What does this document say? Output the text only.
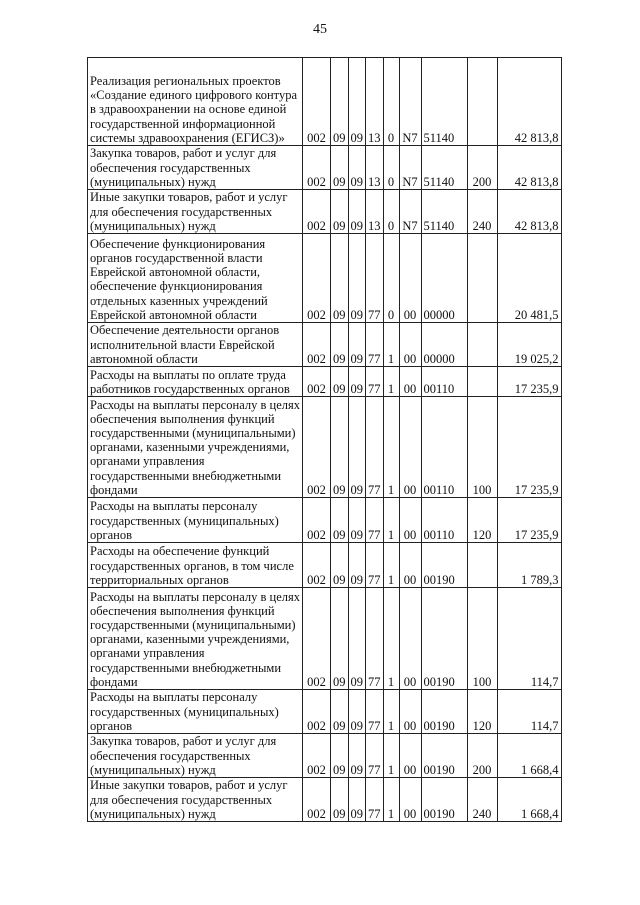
45
Реализация региональных проектов «Создание единого цифрового контура в здравоохранении на основе единой государственной информационной системы здравоохранения (ЕГИСЗ)»	002	09	09	13	0	N7	51140		42 813,8
Закупка товаров, работ и услуг для обеспечения государственных (муниципальных) нужд	002	09	09	13	0	N7	51140	200	42 813,8
Иные закупки товаров, работ и услуг для обеспечения государственных (муниципальных) нужд	002	09	09	13	0	N7	51140	240	42 813,8
Обеспечение функционирования органов государственной власти Еврейской автономной области, обеспечение функционирования отдельных казенных учреждений Еврейской автономной области	002	09	09	77	0	00	00000		20 481,5
Обеспечение деятельности органов исполнительной власти Еврейской автономной области	002	09	09	77	1	00	00000		19 025,2
Расходы на выплаты по оплате труда работников государственных органов	002	09	09	77	1	00	00110		17 235,9
Расходы на выплаты персоналу в целях обеспечения выполнения функций государственными (муниципальными) органами, казенными учреждениями, органами управления государственными внебюджетными фондами	002	09	09	77	1	00	00110	100	17 235,9
Расходы на выплаты персоналу государственных (муниципальных) органов	002	09	09	77	1	00	00110	120	17 235,9
Расходы на обеспечение функций государственных органов, в том числе территориальных органов	002	09	09	77	1	00	00190		1 789,3
Расходы на выплаты персоналу в целях обеспечения выполнения функций государственными (муниципальными) органами, казенными учреждениями, органами управления государственными внебюджетными фондами	002	09	09	77	1	00	00190	100	114,7
Расходы на выплаты персоналу государственных (муниципальных) органов	002	09	09	77	1	00	00190	120	114,7
Закупка товаров, работ и услуг для обеспечения государственных (муниципальных) нужд	002	09	09	77	1	00	00190	200	1 668,4
Иные закупки товаров, работ и услуг для обеспечения государственных (муниципальных) нужд	002	09	09	77	1	00	00190	240	1 668,4
